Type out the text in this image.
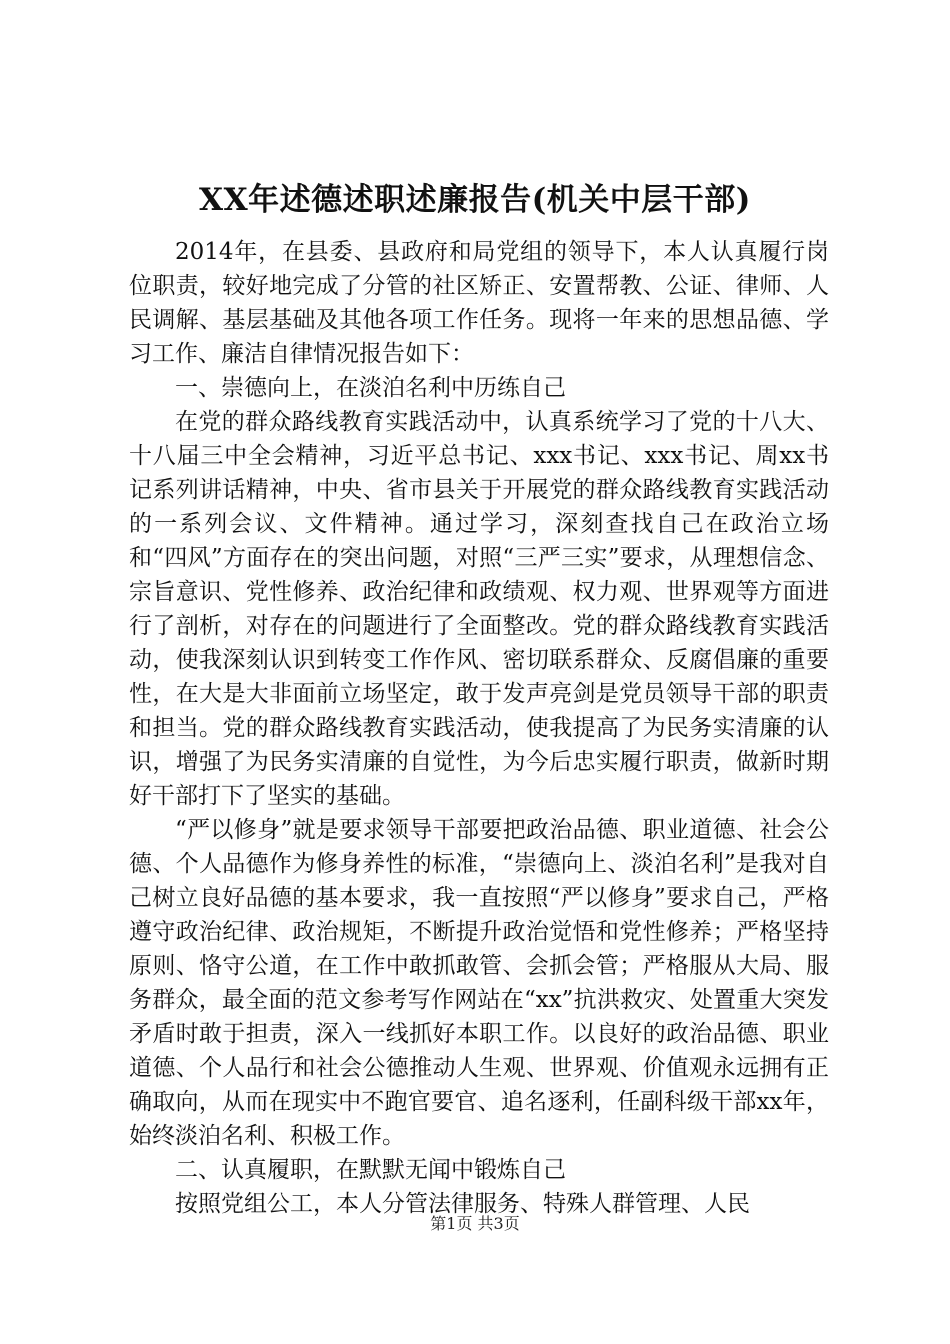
XX年述德述职述廉报告(机关中层干部)

2014年，在县委、县政府和局党组的领导下，本人认真履行岗位职责，较好地完成了分管的社区矫正、安置帮教、公证、律师、人民调解、基层基础及其他各项工作任务。现将一年来的思想品德、学习工作、廉洁自律情况报告如下：

一、崇德向上，在淡泊名利中历练自己

在党的群众路线教育实践活动中，认真系统学习了党的十八大、十八届三中全会精神，习近平总书记、xxx书记、xxx书记、周xx书记系列讲话精神，中央、省市县关于开展党的群众路线教育实践活动的一系列会议、文件精神。通过学习，深刻查找自己在政治立场和“四风”方面存在的突出问题，对照“三严三实”要求，从理想信念、宗旨意识、党性修养、政治纪律和政绩观、权力观、世界观等方面进行了剖析，对存在的问题进行了全面整改。党的群众路线教育实践活动，使我深刻认识到转变工作作风、密切联系群众、反腐倡廉的重要性，在大是大非面前立场坚定，敢于发声亮剑是党员领导干部的职责和担当。党的群众路线教育实践活动，使我提高了为民务实清廉的认识，增强了为民务实清廉的自觉性，为今后忠实履行职责，做新时期好干部打下了坚实的基础。

“严以修身”就是要求领导干部要把政治品德、职业道德、社会公德、个人品德作为修身养性的标准，“崇德向上、淡泊名利”是我对自己树立良好品德的基本要求，我一直按照“严以修身”要求自己，严格遵守政治纪律、政治规矩，不断提升政治觉悟和党性修养；严格坚持原则、恪守公道，在工作中敢抓敢管、会抓会管；严格服从大局、服务群众，最全面的范文参考写作网站在“xx”抗洪救灾、处置重大突发矛盾时敢于担责，深入一线抓好本职工作。以良好的政治品德、职业道德、个人品行和社会公德推动人生观、世界观、价值观永远拥有正确取向，从而在现实中不跑官要官、追名逐利，任副科级干部xx年，始终淡泊名利、积极工作。

二、认真履职，在默默无闻中锻炼自己

按照党组公工，本人分管法律服务、特殊人群管理、人民

第1页 共3页
